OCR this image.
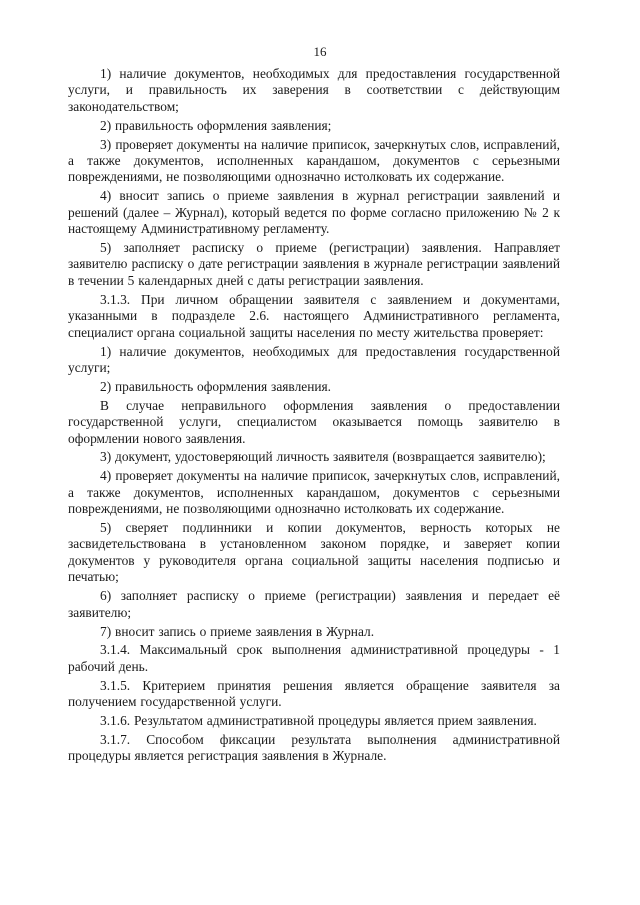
16

1) наличие документов, необходимых для предоставления государственной услуги, и правильность их заверения в соответствии с действующим законодательством;

2) правильность оформления заявления;

3) проверяет документы на наличие приписок, зачеркнутых слов, исправлений, а также документов, исполненных карандашом, документов с серьезными повреждениями, не позволяющими однозначно истолковать их содержание.

4) вносит запись о приеме заявления в журнал регистрации заявлений и решений (далее – Журнал), который ведется по форме согласно приложению № 2 к настоящему Административному регламенту.

5) заполняет расписку о приеме (регистрации) заявления. Направляет заявителю расписку о дате регистрации заявления в журнале регистрации заявлений в течении 5 календарных дней с даты регистрации заявления.

3.1.3. При личном обращении заявителя с заявлением и документами, указанными в подразделе 2.6. настоящего Административного регламента, специалист органа социальной защиты населения по месту жительства проверяет:

1) наличие документов, необходимых для предоставления государственной услуги;

2) правильность оформления заявления.

В случае неправильного оформления заявления о предоставлении государственной услуги, специалистом оказывается помощь заявителю в оформлении нового заявления.

3) документ, удостоверяющий личность заявителя (возвращается заявителю);

4) проверяет документы на наличие приписок, зачеркнутых слов, исправлений, а также документов, исполненных карандашом, документов с серьезными повреждениями, не позволяющими однозначно истолковать их содержание.

5) сверяет подлинники и копии документов, верность которых не засвидетельствована в установленном законом порядке, и заверяет копии документов у руководителя органа социальной защиты населения подписью и печатью;

6) заполняет расписку о приеме (регистрации) заявления и передает её заявителю;

7) вносит запись о приеме заявления в Журнал.

3.1.4. Максимальный срок выполнения административной процедуры - 1 рабочий день.

3.1.5. Критерием принятия решения является обращение заявителя за получением государственной услуги.

3.1.6. Результатом административной процедуры является прием заявления.

3.1.7. Способом фиксации результата выполнения административной процедуры является регистрация заявления в Журнале.
